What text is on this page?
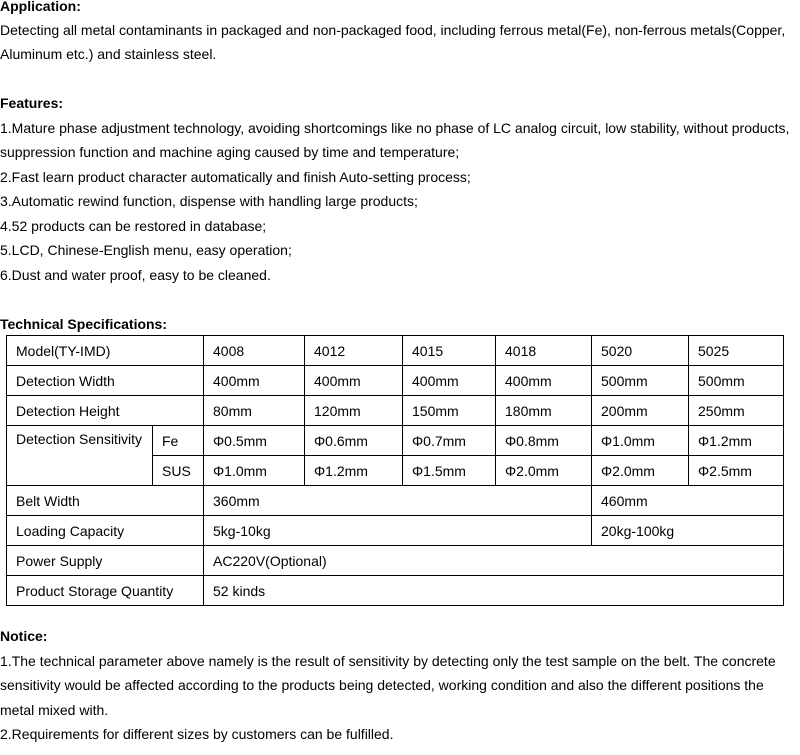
Application:
Detecting all metal contaminants in packaged and non-packaged food, including ferrous metal(Fe), non-ferrous metals(Copper,
Aluminum etc.) and stainless steel.
Features:
1.Mature phase adjustment technology, avoiding shortcomings like no phase of LC analog circuit, low stability, without products,
suppression function and machine aging caused by time and temperature;
2.Fast learn product character automatically and finish Auto-setting process;
3.Automatic rewind function, dispense with handling large products;
4.52 products can be restored in database;
5.LCD, Chinese-English menu, easy operation;
6.Dust and water proof, easy to be cleaned.
Technical Specifications:
Model(TY-IMD)		4008	4012	4015	4018	5020	5025
Detection Width		400mm	400mm	400mm	400mm	500mm	500mm
Detection Height		80mm	120mm	150mm	180mm	200mm	250mm
Detection Sensitivity	Fe	Φ0.5mm	Φ0.6mm	Φ0.7mm	Φ0.8mm	Φ1.0mm	Φ1.2mm
	SUS	Φ1.0mm	Φ1.2mm	Φ1.5mm	Φ2.0mm	Φ2.0mm	Φ2.5mm
Belt Width		360mm				460mm	
Loading Capacity		5kg-10kg				20kg-100kg	
Power Supply		AC220V(Optional)					
Product Storage Quantity		52 kinds					
Notice:
1.The technical parameter above namely is the result of sensitivity by detecting only the test sample on the belt. The concrete
sensitivity would be affected according to the products being detected, working condition and also the different positions the
metal mixed with.
2.Requirements for different sizes by customers can be fulfilled.
